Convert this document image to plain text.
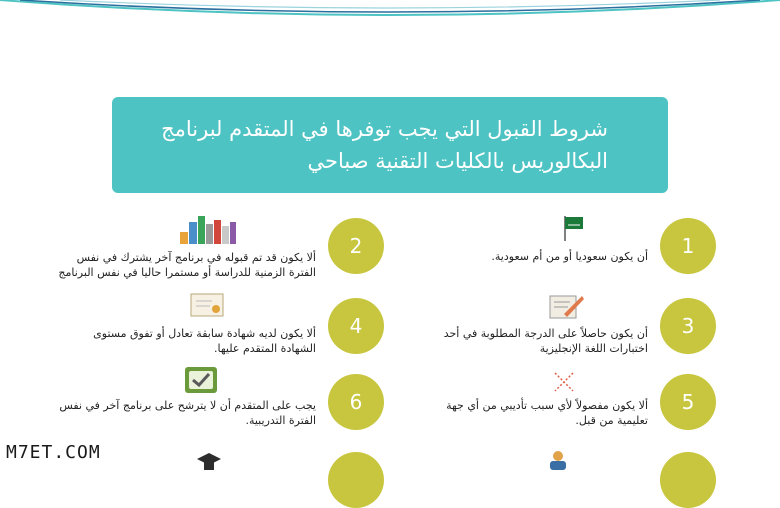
شروط القبول التي يجب توفرها في المتقدم لبرنامج
البكالوريس بالكليات التقنية صباحي
1
أن يكون سعوديا أو من أم سعودية.
2
ألا يكون قد تم قبوله في برنامج آخر يشترك في نفس الفترة الزمنية للدراسة أو مستمرا حاليا في نفس البرنامج
3
أن يكون حاصلاً على الدرجة المطلوبة في أحد اختبارات اللغة الإنجليزية
4
ألا يكون لديه شهادة سابقة تعادل أو تفوق مستوى الشهادة المتقدم عليها.
5
ألا يكون مفصولاً لأي سبب تأديبي من أي جهة تعليمية من قبل.
6
يجب على المتقدم أن لا يترشح على برنامج آخر في نفس الفترة التدريبية.
M7ET.COM
